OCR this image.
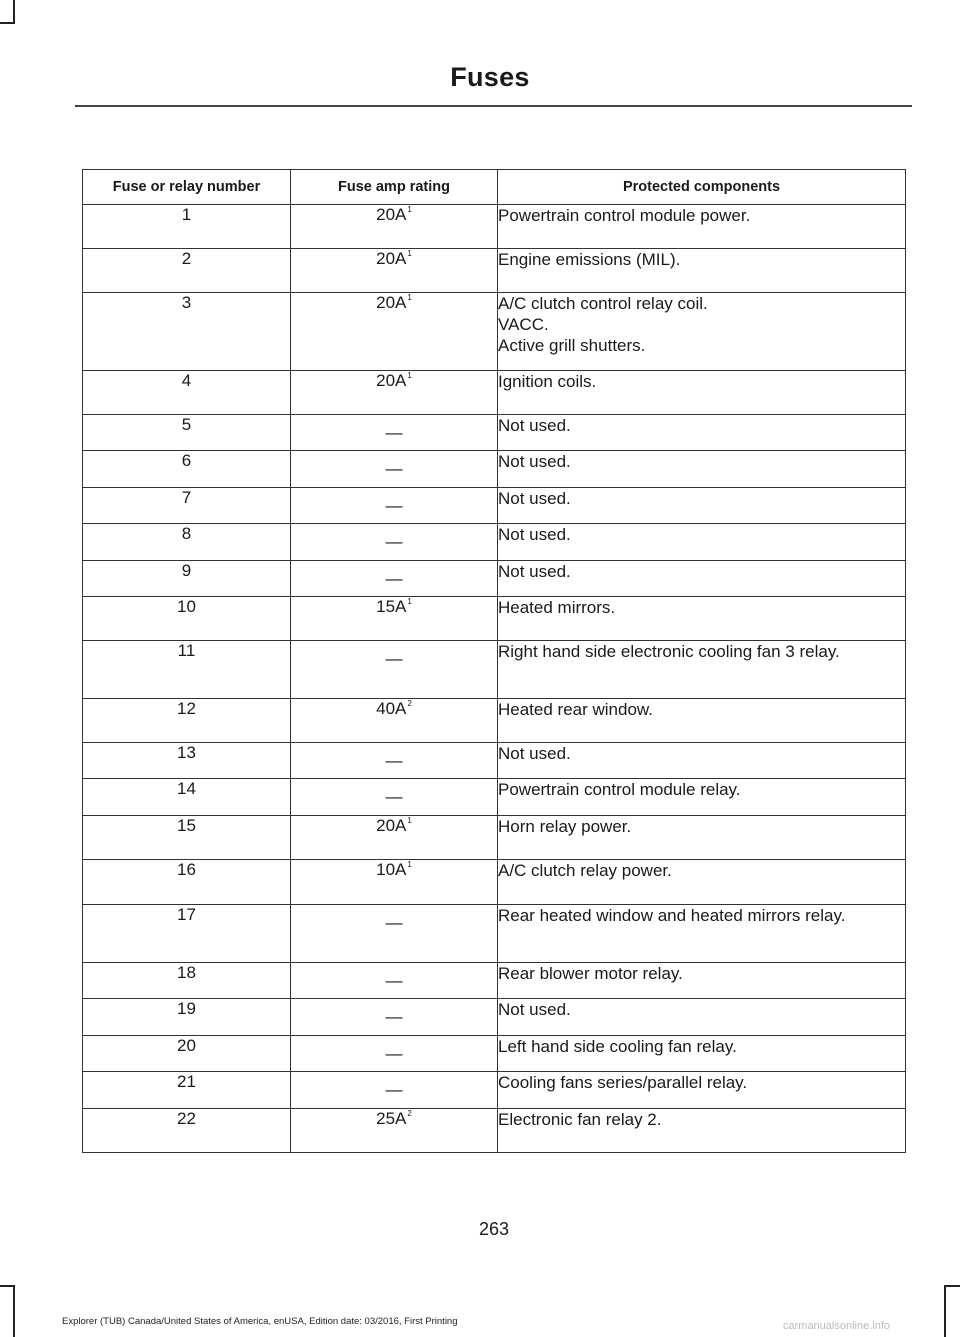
Fuses
Fuse or relay number	Fuse amp rating	Protected components
1	$20A^1$	Powertrain control module power.

2	$20A^1$	Engine emissions (MIL).

3	$20A^1$	A/C clutch control relay coil.
VACC.
Active grill shutters.

4	$20A^1$	Ignition coils.

5	—	Not used.

6	—	Not used.

7	—	Not used.

8	—	Not used.

9	—	Not used.

10	$15A^1$	Heated mirrors.

11	—	Right hand side electronic cooling fan 3 relay.

12	$40A^2$	Heated rear window.

13	—	Not used.

14	—	Powertrain control module relay.

15	$20A^1$	Horn relay power.

16	$10A^1$	A/C clutch relay power.

17	—	Rear heated window and heated mirrors relay.

18	—	Rear blower motor relay.

19	—	Not used.

20	—	Left hand side cooling fan relay.

21	—	Cooling fans series/parallel relay.

22	$25A^2$	Electronic fan relay 2.
263
Explorer (TUB) Canada/United States of America, enUSA, Edition date: 03/2016, First Printing	carmanualsonline.info
